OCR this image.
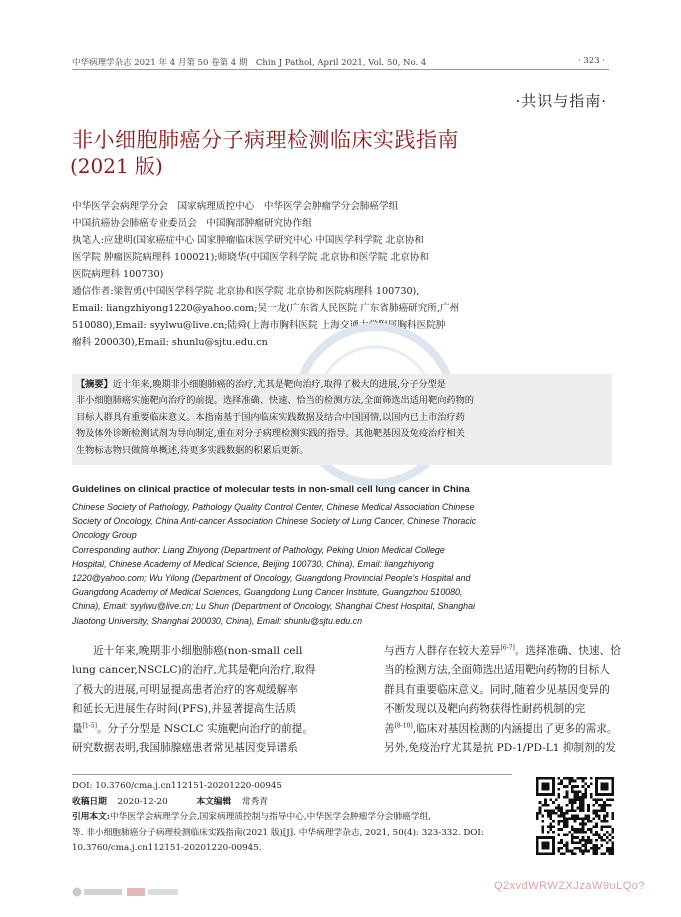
中华病理学杂志 2021 年 4 月第 50 卷第 4 期　Chin J Pathol, April 2021, Vol. 50, No. 4	· 323 ·
·共识与指南·
非小细胞肺癌分子病理检测临床实践指南
(2021 版)
中华医学会病理学分会　国家病理质控中心　中华医学会肿瘤学分会肺癌学组
中国抗癌协会肺癌专业委员会　中国胸部肿瘤研究协作组
执笔人:应建明(国家癌症中心 国家肿瘤临床医学研究中心 中国医学科学院 北京协和
医学院 肿瘤医院病理科 100021);师晓华(中国医学科学院 北京协和医学院 北京协和
医院病理科 100730)
通信作者:梁智勇(中国医学科学院 北京协和医学院 北京协和医院病理科 100730),
Email: liangzhiyong1220@yahoo.com;吴一龙(广东省人民医院 广东省肺癌研究所,广州
510080),Email: syylwu@live.cn;陆舜(上海市胸科医院 上海交通大学附属胸科医院肿
瘤科 200030),Email: shunlu@sjtu.edu.cn
【摘要】近十年来,晚期非小细胞肺癌的治疗,尤其是靶向治疗,取得了极大的进展,分子分型是
非小细胞肺癌实施靶向治疗的前提。选择准确、快速、恰当的检测方法,全面筛选出适用靶向药物的
目标人群具有重要临床意义。本指南基于国内临床实践数据及结合中国国情,以国内已上市治疗药
物及体外诊断检测试剂为导向制定,重在对分子病理检测实践的指导。其他靶基因及免疫治疗相关
生物标志物只做简单概述,待更多实践数据的积累后更新。
Guidelines on clinical practice of molecular tests in non-small cell lung cancer in China
Chinese Society of Pathology, Pathology Quality Control Center, Chinese Medical Association Chinese
Society of Oncology, China Anti-cancer Association Chinese Society of Lung Cancer, Chinese Thoracic
Oncology Group
Corresponding author: Liang Zhiyong (Department of Pathology, Peking Union Medical College
Hospital, Chinese Academy of Medical Science, Beijing 100730, China), Email: liangzhiyong
1220@yahoo.com; Wu Yilong (Department of Oncology, Guangdong Provincial People's Hospital and
Guangdong Academy of Medical Sciences, Guangdong Lung Cancer Institute, Guangzhou 510080,
China), Email: syylwu@live.cn; Lu Shun (Department of Oncology, Shanghai Chest Hospital, Shanghai
Jiaotong University, Shanghai 200030, China), Email: shunlu@sjtu.edu.cn
　　近十年来,晚期非小细胞肺癌(non-small cell
lung cancer,NSCLC)的治疗,尤其是靶向治疗,取得
了极大的进展,可明显提高患者治疗的客观缓解率
和延长无进展生存时间(PFS),并显著提高生活质
量[1-5]。分子分型是 NSCLC 实施靶向治疗的前提。
研究数据表明,我国肺腺癌患者常见基因变异谱系
与西方人群存在较大差异[6-7]。选择准确、快速、恰
当的检测方法,全面筛选出适用靶向药物的目标人
群具有重要临床意义。同时,随着少见基因变异的
不断发现以及靶向药物获得性耐药机制的完
善[8-10],临床对基因检测的内涵提出了更多的需求。
另外,免疫治疗尤其是抗 PD-1/PD-L1 抑制剂的发
DOI: 10.3760/cma.j.cn112151-20201220-00945
收稿日期 2020-12-20	本文编辑 常秀青
引用本文:中华医学会病理学分会,国家病理质控制与指导中心,中华医学会肿瘤学分会肺癌学组,
等. 非小细胞肺癌分子病理检测临床实践指南(2021 版)[J]. 中华病理学杂志, 2021, 50(4): 323-332. DOI:
10.3760/cma.j.cn112151-20201220-00945.
Q2xvdWRWZXJzaW9uLQo?
